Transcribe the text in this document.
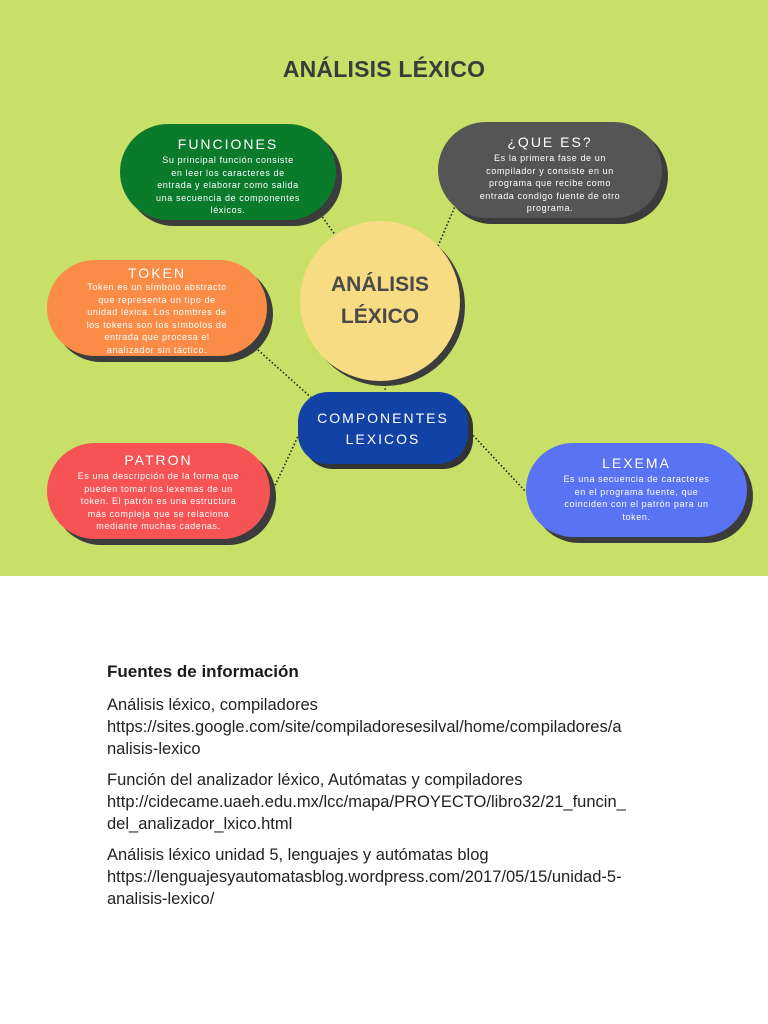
ANÁLISIS LÉXICO
FUNCIONES
Su principal función consiste
en leer los caracteres de
entrada y elaborar como salida
una secuencia de componentes
léxicos.
¿QUE ES?
Es la primera fase de un
compilador y consiste en un
programa que recibe como
entrada condigo fuente de otro
programa.
TOKEN
Token es un símbolo abstracto
que representa un tipo de
unidad léxica. Los nombres de
los tokens son los símbolos de
entrada que procesa el
analizador sin táctico.
ANÁLISIS
LÉXICO
COMPONENTES
LEXICOS
PATRON
Es una descripción de la forma que
pueden tomar los lexemas de un
token. El patrón es una estructura
más compleja que se relaciona
mediante muchas cadenas.
LEXEMA
Es una secuencia de caracteres
en el programa fuente, que
coinciden con el patrón para un
token.
Fuentes de información
Análisis léxico, compiladores
https://sites.google.com/site/compiladoresesilval/home/compiladores/a
nalisis-lexico
Función del analizador léxico, Autómatas y compiladores
http://cidecame.uaeh.edu.mx/lcc/mapa/PROYECTO/libro32/21_funcin_
del_analizador_lxico.html
Análisis léxico unidad 5, lenguajes y autómatas blog
https://lenguajesyautomatasblog.wordpress.com/2017/05/15/unidad-5-
analisis-lexico/
